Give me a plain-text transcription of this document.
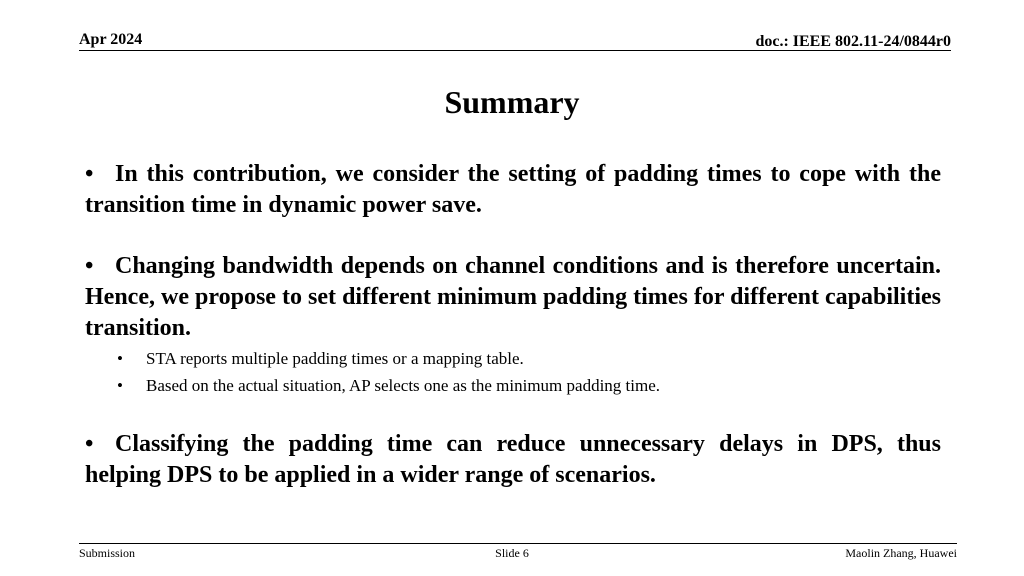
Apr 2024	doc.: IEEE 802.11-24/0844r0
Summary

• In this contribution, we consider the setting of padding times to cope with the transition time in dynamic power save.

• Changing bandwidth depends on channel conditions and is therefore uncertain. Hence, we propose to set different minimum padding times for different capabilities transition.

• STA reports multiple padding times or a mapping table.
• Based on the actual situation, AP selects one as the minimum padding time.

• Classifying the padding time can reduce unnecessary delays in DPS, thus helping DPS to be applied in a wider range of scenarios.

Submission	Slide 6	Maolin Zhang, Huawei
